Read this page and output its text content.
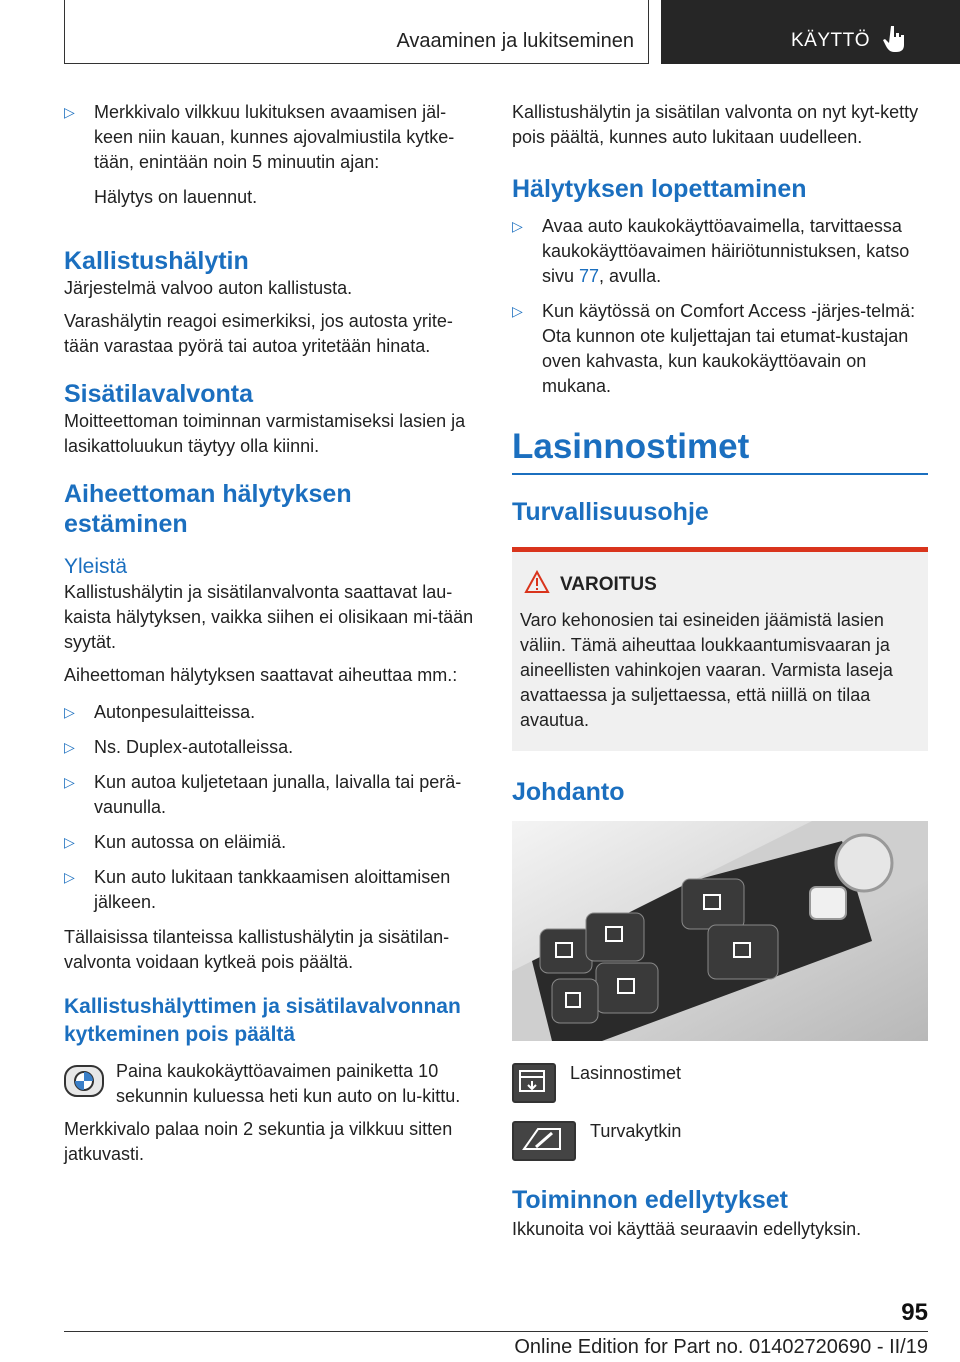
Avaaminen ja lukitseminen	KÄYTTÖ
▷ Merkkivalo vilkkuu lukituksen avaamisen jäl-keen niin kauan, kunnes ajovalmiustila kytke-tään, enintään noin 5 minuutin ajan:

Hälytys on lauennut.

Kallistushälytin

Järjestelmä valvoo auton kallistusta.

Varashälytin reagoi esimerkiksi, jos autosta yrite-tään varastaa pyörä tai autoa yritetään hinata.

Sisätilavalvonta

Moitteettoman toiminnan varmistamiseksi lasien ja lasikattoluukun täytyy olla kiinni.

Aiheettoman hälytyksen estäminen
Yleistä

Kallistushälytin ja sisätilanvalvonta saattavat lau-kaista hälytyksen, vaikka siihen ei olisikaan mi-tään syytät.

Aiheettoman hälytyksen saattavat aiheuttaa mm.:

▷ Autonpesulaitteissa.
▷ Ns. Duplex-autotalleissa.
▷ Kun autoa kuljetetaan junalla, laivalla tai perä-vaunulla.
▷ Kun autossa on eläimiä.
▷ Kun auto lukitaan tankkaamisen aloittamisen jälkeen.

Tällaisissa tilanteissa kallistushälytin ja sisätilan-valvonta voidaan kytkeä pois päältä.

Kallistushälyttimen ja sisätilavalvonnan kytkeminen pois päältä
Paina kaukokäyttöavaimen painiketta 10 sekunnin kuluessa heti kun auto on lu-kittu.

Merkkivalo palaa noin 2 sekuntia ja vilkkuu sitten jatkuvasti.

Kallistushälytin ja sisätilan valvonta on nyt kyt-ketty pois päältä, kunnes auto lukitaan uudelleen.

Hälytyksen lopettaminen
▷ Avaa auto kaukokäyttöavaimella, tarvittaessa kaukokäyttöavaimen häiriötunnistuksen, katso sivu 77, avulla.
▷ Kun käytössä on Comfort Access -järjes-telmä: Ota kunnon ote kuljettajan tai etumat-kustajan oven kahvasta, kun kaukokäyttöavain on mukana.
Lasinnostimet
Turvallisuusohje
VAROITUS

Varo kehonosien tai esineiden jäämistä lasien väliin. Tämä aiheuttaa loukkaantumisvaaran ja aineellisten vahinkojen vaaran. Varmista laseja avattaessa ja suljettaessa, että niillä on tilaa avautua.

Johdanto
Lasinnostimet
Turvakytkin
Toiminnon edellytykset

Ikkunoita voi käyttää seuraavin edellytyksin.

95
Online Edition for Part no. 01402720690 - II/19
